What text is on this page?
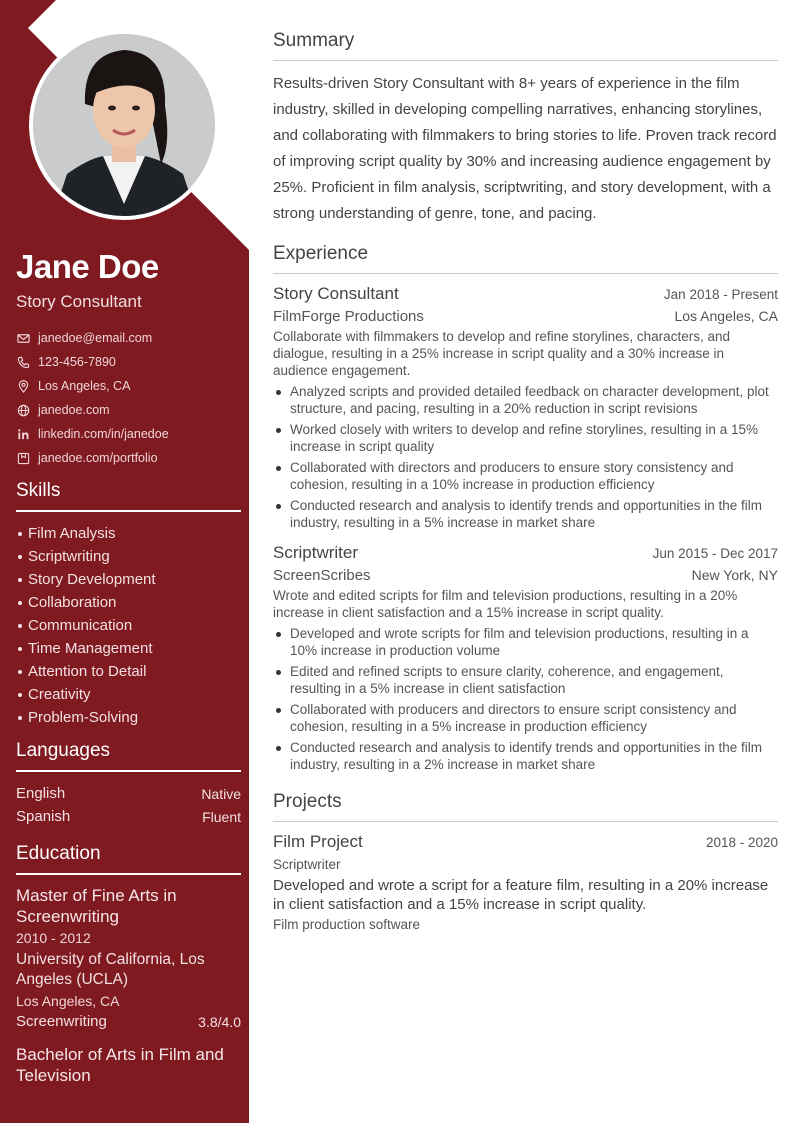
Jane Doe
Story Consultant
janedoe@email.com
123-456-7890
Los Angeles, CA
janedoe.com
linkedin.com/in/janedoe
janedoe.com/portfolio
Skills
Film Analysis
Scriptwriting
Story Development
Collaboration
Communication
Time Management
Attention to Detail
Creativity
Problem-Solving
Languages
English	Native
Spanish	Fluent
Education
Master of Fine Arts in Screenwriting
2010 - 2012
University of California, Los Angeles (UCLA)
Los Angeles, CA
Screenwriting	3.8/4.0
Bachelor of Arts in Film and Television
Summary
Results-driven Story Consultant with 8+ years of experience in the film industry, skilled in developing compelling narratives, enhancing storylines, and collaborating with filmmakers to bring stories to life. Proven track record of improving script quality by 30% and increasing audience engagement by 25%. Proficient in film analysis, scriptwriting, and story development, with a strong understanding of genre, tone, and pacing.
Experience
Story Consultant	Jan 2018 - Present
FilmForge Productions	Los Angeles, CA
Collaborate with filmmakers to develop and refine storylines, characters, and dialogue, resulting in a 25% increase in script quality and a 30% increase in audience engagement.
Analyzed scripts and provided detailed feedback on character development, plot structure, and pacing, resulting in a 20% reduction in script revisions
Worked closely with writers to develop and refine storylines, resulting in a 15% increase in script quality
Collaborated with directors and producers to ensure story consistency and cohesion, resulting in a 10% increase in production efficiency
Conducted research and analysis to identify trends and opportunities in the film industry, resulting in a 5% increase in market share
Scriptwriter	Jun 2015 - Dec 2017
ScreenScribes	New York, NY
Wrote and edited scripts for film and television productions, resulting in a 20% increase in client satisfaction and a 15% increase in script quality.
Developed and wrote scripts for film and television productions, resulting in a 10% increase in production volume
Edited and refined scripts to ensure clarity, coherence, and engagement, resulting in a 5% increase in client satisfaction
Collaborated with producers and directors to ensure script consistency and cohesion, resulting in a 5% increase in production efficiency
Conducted research and analysis to identify trends and opportunities in the film industry, resulting in a 2% increase in market share
Projects
Film Project	2018 - 2020
Scriptwriter
Developed and wrote a script for a feature film, resulting in a 20% increase in client satisfaction and a 15% increase in script quality.
Film production software
